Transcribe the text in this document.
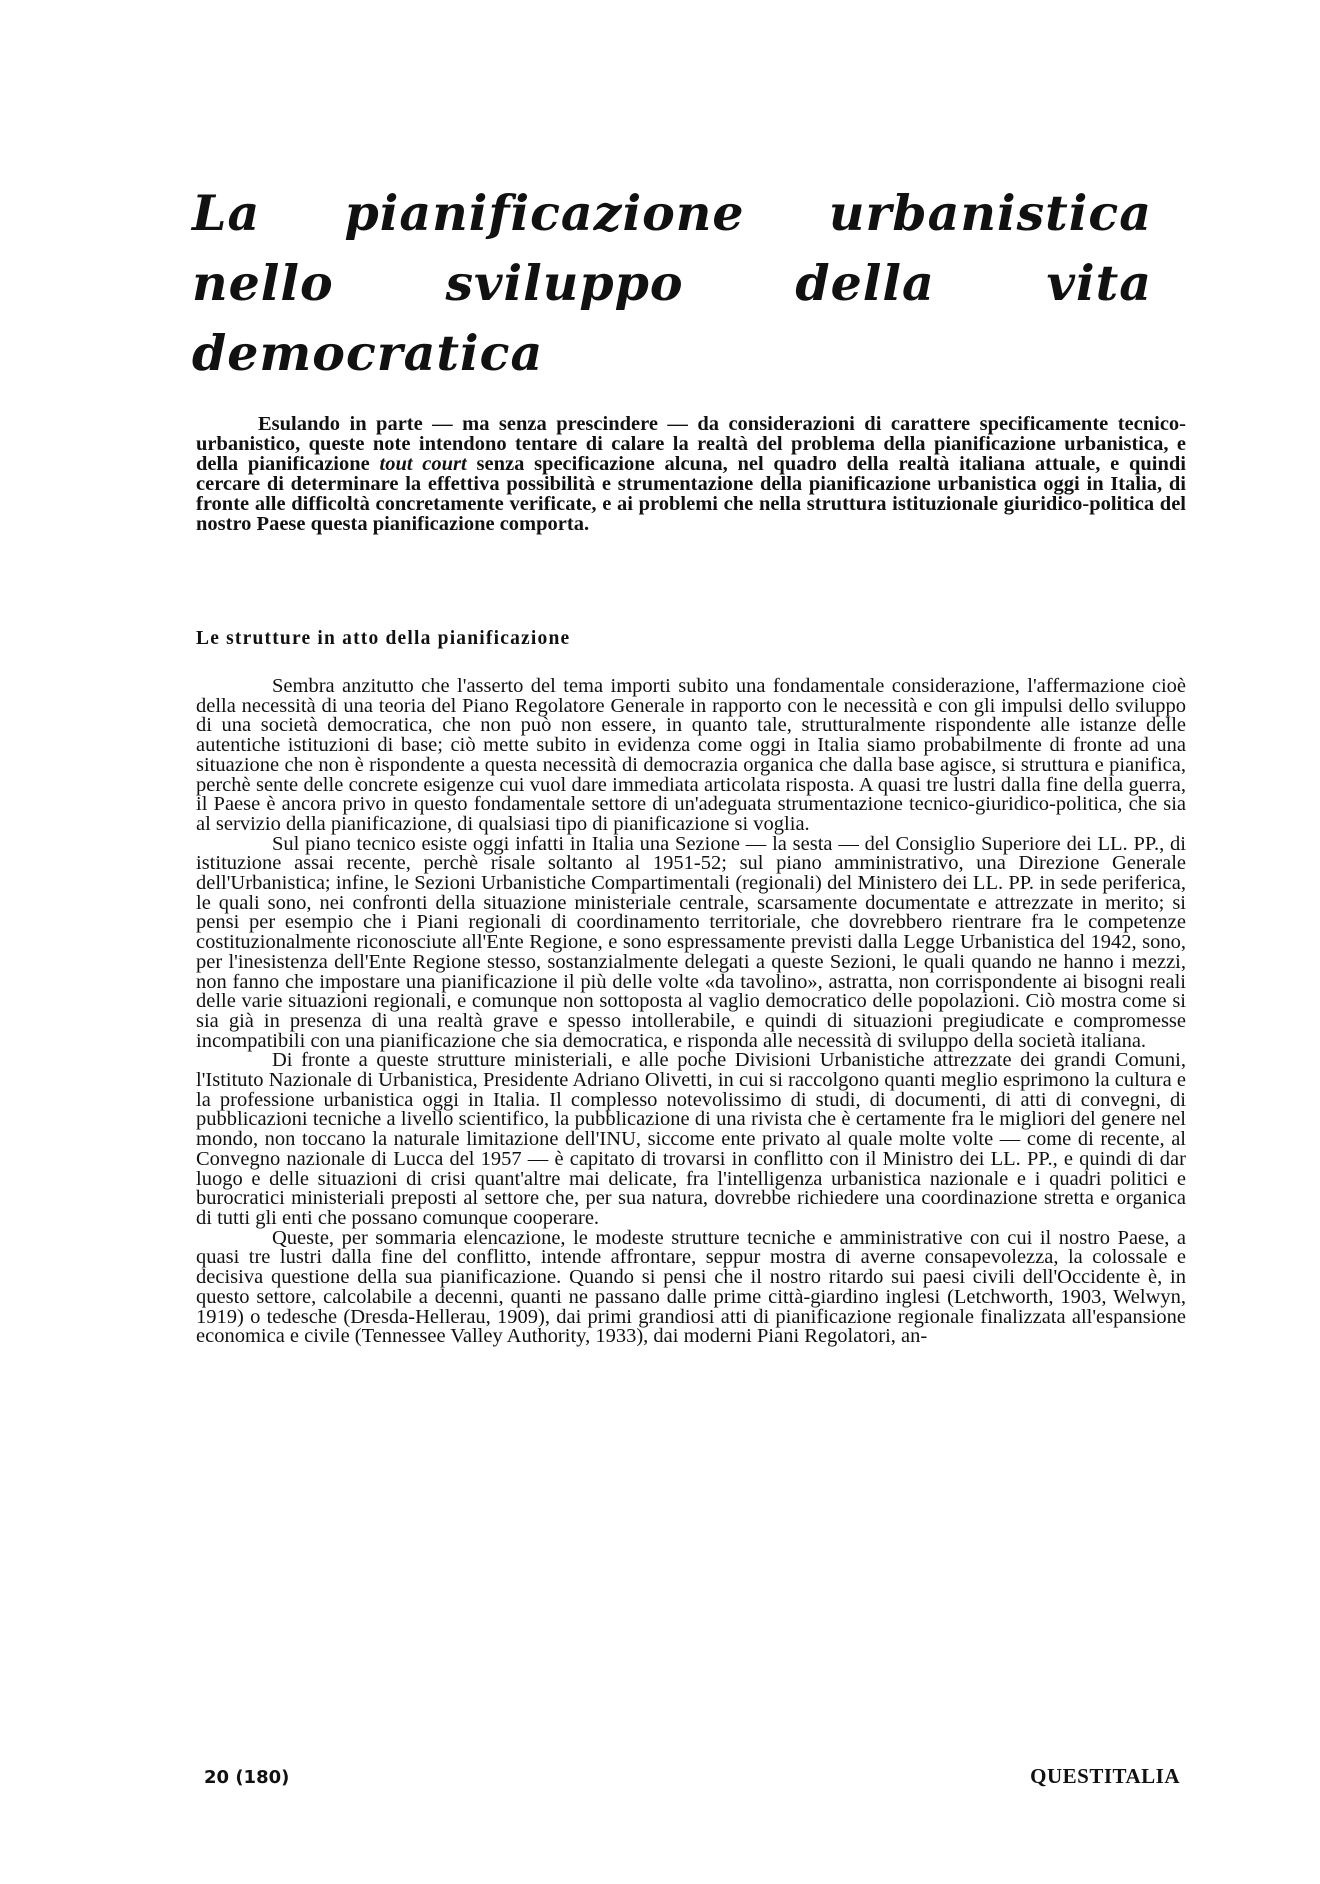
La pianificazione urbanistica nello sviluppo della vita democratica

Esulando in parte — ma senza prescindere — da considerazioni di carattere specificamente tecnico-urbanistico, queste note intendono tentare di calare la realtà del problema della pianificazione urbanistica, e della pianificazione tout court senza specificazione alcuna, nel quadro della realtà italiana attuale, e quindi cercare di determinare la effettiva possibilità e strumentazione della pianificazione urbanistica oggi in Italia, di fronte alle difficoltà concretamente verificate, e ai problemi che nella struttura istituzionale giuridico-politica del nostro Paese questa pianificazione comporta.

Le strutture in atto della pianificazione

Sembra anzitutto che l'asserto del tema importi subito una fondamentale considerazione, l'affermazione cioè della necessità di una teoria del Piano Regolatore Generale in rapporto con le necessità e con gli impulsi dello sviluppo di una società democratica, che non può non essere, in quanto tale, strutturalmente rispondente alle istanze delle autentiche istituzioni di base; ciò mette subito in evidenza come oggi in Italia siamo probabilmente di fronte ad una situazione che non è rispondente a questa necessità di democrazia organica che dalla base agisce, si struttura e pianifica, perchè sente delle concrete esigenze cui vuol dare immediata articolata risposta. A quasi tre lustri dalla fine della guerra, il Paese è ancora privo in questo fondamentale settore di un'adeguata strumentazione tecnico-giuridico-politica, che sia al servizio della pianificazione, di qualsiasi tipo di pianificazione si voglia.

Sul piano tecnico esiste oggi infatti in Italia una Sezione — la sesta — del Consiglio Superiore dei LL. PP., di istituzione assai recente, perchè risale soltanto al 1951-52; sul piano amministrativo, una Direzione Generale dell'Urbanistica; infine, le Sezioni Urbanistiche Compartimentali (regionali) del Ministero dei LL. PP. in sede periferica, le quali sono, nei confronti della situazione ministeriale centrale, scarsamente documentate e attrezzate in merito; si pensi per esempio che i Piani regionali di coordinamento territoriale, che dovrebbero rientrare fra le competenze costituzionalmente riconosciute all'Ente Regione, e sono espressamente previsti dalla Legge Urbanistica del 1942, sono, per l'inesistenza dell'Ente Regione stesso, sostanzialmente delegati a queste Sezioni, le quali quando ne hanno i mezzi, non fanno che impostare una pianificazione il più delle volte «da tavolino», astratta, non corrispondente ai bisogni reali delle varie situazioni regionali, e comunque non sottoposta al vaglio democratico delle popolazioni. Ciò mostra come si sia già in presenza di una realtà grave e spesso intollerabile, e quindi di situazioni pregiudicate e compromesse incompatibili con una pianificazione che sia democratica, e risponda alle necessità di sviluppo della società italiana.

Di fronte a queste strutture ministeriali, e alle poche Divisioni Urbanistiche attrezzate dei grandi Comuni, l'Istituto Nazionale di Urbanistica, Presidente Adriano Olivetti, in cui si raccolgono quanti meglio esprimono la cultura e la professione urbanistica oggi in Italia. Il complesso notevolissimo di studi, di documenti, di atti di convegni, di pubblicazioni tecniche a livello scientifico, la pubblicazione di una rivista che è certamente fra le migliori del genere nel mondo, non toccano la naturale limitazione dell'INU, siccome ente privato al quale molte volte — come di recente, al Convegno nazionale di Lucca del 1957 — è capitato di trovarsi in conflitto con il Ministro dei LL. PP., e quindi di dar luogo e delle situazioni di crisi quant'altre mai delicate, fra l'intelligenza urbanistica nazionale e i quadri politici e burocratici ministeriali preposti al settore che, per sua natura, dovrebbe richiedere una coordinazione stretta e organica di tutti gli enti che possano comunque cooperare.

Queste, per sommaria elencazione, le modeste strutture tecniche e amministrative con cui il nostro Paese, a quasi tre lustri dalla fine del conflitto, intende affrontare, seppur mostra di averne consapevolezza, la colossale e decisiva questione della sua pianificazione. Quando si pensi che il nostro ritardo sui paesi civili dell'Occidente è, in questo settore, calcolabile a decenni, quanti ne passano dalle prime città-giardino inglesi (Letchworth, 1903, Welwyn, 1919) o tedesche (Dresda-Hellerau, 1909), dai primi grandiosi atti di pianificazione regionale finalizzata all'espansione economica e civile (Tennessee Valley Authority, 1933), dai moderni Piani Regolatori, an-

20 (180)	QUESTITALIA
